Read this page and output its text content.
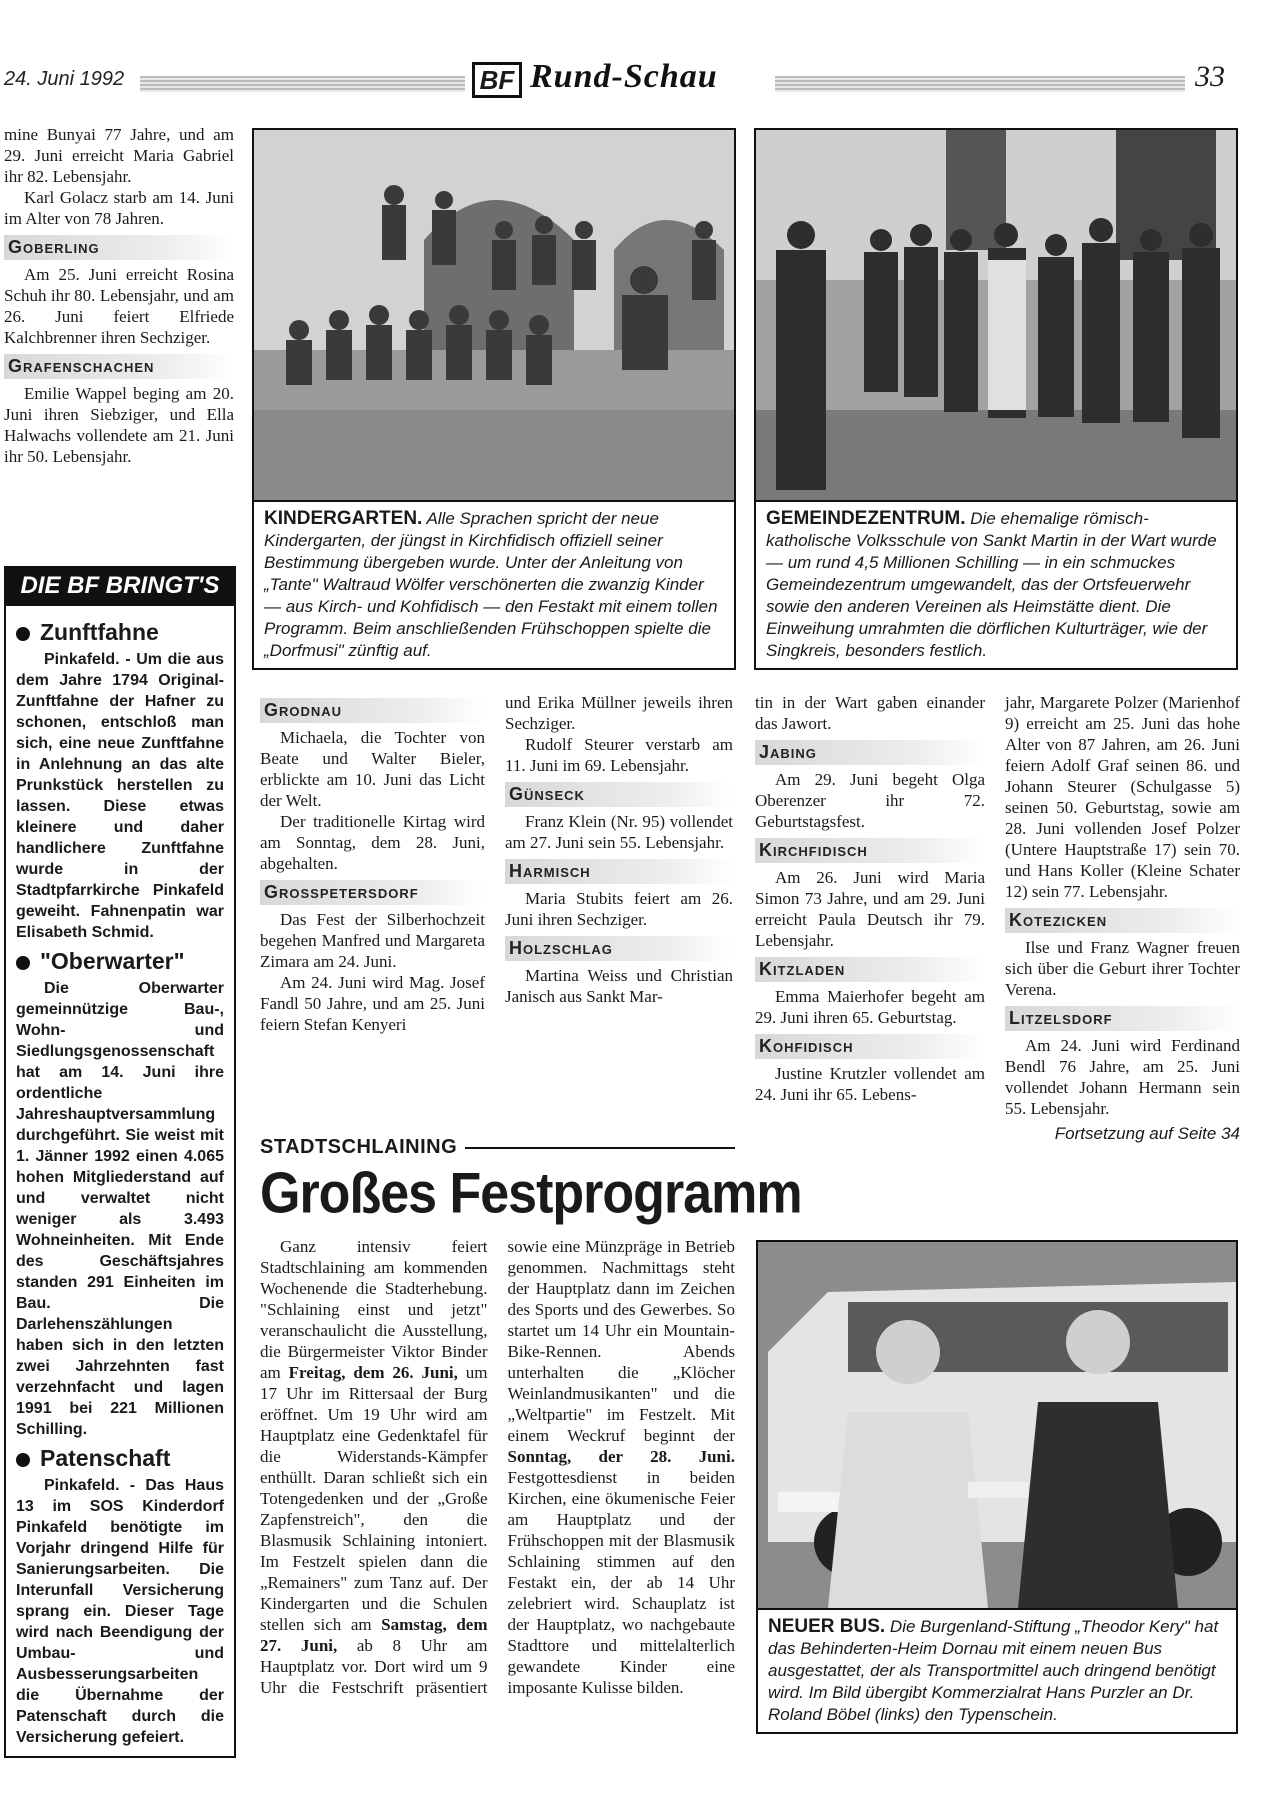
24. Juni 1992	BF Rund-Schau	33

mine Bunyai 77 Jahre, und am 29. Juni erreicht Maria Gabriel ihr 82. Lebensjahr.

Karl Golacz starb am 14. Juni im Alter von 78 Jahren.

Goberling

Am 25. Juni erreicht Rosina Schuh ihr 80. Lebensjahr, und am 26. Juni feiert Elfriede Kalchbrenner ihren Sechziger.

Grafenschachen

Emilie Wappel beging am 20. Juni ihren Siebziger, und Ella Halwachs vollendete am 21. Juni ihr 50. Lebensjahr.

DIE BF BRINGT'S
Zunftfahne

Pinkafeld. - Um die aus dem Jahre 1794 Original-Zunftfahne der Hafner zu schonen, entschloß man sich, eine neue Zunftfahne in Anlehnung an das alte Prunkstück herstellen zu lassen. Diese etwas kleinere und daher handlichere Zunftfahne wurde in der Stadtpfarrkirche Pinkafeld geweiht. Fahnenpatin war Elisabeth Schmid.

"Oberwarter"

Die Oberwarter gemeinnützige Bau-, Wohn- und Siedlungsgenossenschaft hat am 14. Juni ihre ordentliche Jahreshauptversammlung durchgeführt. Sie weist mit 1. Jänner 1992 einen 4.065 hohen Mitgliederstand auf und verwaltet nicht weniger als 3.493 Wohneinheiten. Mit Ende des Geschäftsjahres standen 291 Einheiten im Bau. Die Darlehenszählungen haben sich in den letzten zwei Jahrzehnten fast verzehnfacht und lagen 1991 bei 221 Millionen Schilling.

Patenschaft

Pinkafeld. - Das Haus 13 im SOS Kinderdorf Pinkafeld benötigte im Vorjahr dringend Hilfe für Sanierungsarbeiten. Die Interunfall Versicherung sprang ein. Dieser Tage wird nach Beendigung der Umbau- und Ausbesserungsarbeiten die Übernahme der Patenschaft durch die Versicherung gefeiert.

KINDERGARTEN. Alle Sprachen spricht der neue Kindergarten, der jüngst in Kirchfidisch offiziell seiner Bestimmung übergeben wurde. Unter der Anleitung von „Tante" Waltraud Wölfer verschönerten die zwanzig Kinder — aus Kirch- und Kohfidisch — den Festakt mit einem tollen Programm. Beim anschließenden Frühschoppen spielte die „Dorfmusi" zünftig auf.
GEMEINDEZENTRUM. Die ehemalige römisch-katholische Volksschule von Sankt Martin in der Wart wurde — um rund 4,5 Millionen Schilling — in ein schmuckes Gemeindezentrum umgewandelt, das der Ortsfeuerwehr sowie den anderen Vereinen als Heimstätte dient. Die Einweihung umrahmten die dörflichen Kulturträger, wie der Singkreis, besonders festlich.
Grodnau

Michaela, die Tochter von Beate und Walter Bieler, erblickte am 10. Juni das Licht der Welt.

Der traditionelle Kirtag wird am Sonntag, dem 28. Juni, abgehalten.

Grosspetersdorf

Das Fest der Silberhochzeit begehen Manfred und Margareta Zimara am 24. Juni.

Am 24. Juni wird Mag. Josef Fandl 50 Jahre, und am 25. Juni feiern Stefan Kenyeri

und Erika Müllner jeweils ihren Sechziger.

Rudolf Steurer verstarb am 11. Juni im 69. Lebensjahr.

Günseck

Franz Klein (Nr. 95) vollendet am 27. Juni sein 55. Lebensjahr.

Harmisch

Maria Stubits feiert am 26. Juni ihren Sechziger.

Holzschlag

Martina Weiss und Christian Janisch aus Sankt Mar-

tin in der Wart gaben einander das Jawort.

Jabing

Am 29. Juni begeht Olga Oberenzer ihr 72. Geburtstagsfest.

Kirchfidisch

Am 26. Juni wird Maria Simon 73 Jahre, und am 29. Juni erreicht Paula Deutsch ihr 79. Lebensjahr.

Kitzladen

Emma Maierhofer begeht am 29. Juni ihren 65. Geburtstag.

Kohfidisch

Justine Krutzler vollendet am 24. Juni ihr 65. Lebens-

jahr, Margarete Polzer (Marienhof 9) erreicht am 25. Juni das hohe Alter von 87 Jahren, am 26. Juni feiern Adolf Graf seinen 86. und Johann Steurer (Schulgasse 5) seinen 50. Geburtstag, sowie am 28. Juni vollenden Josef Polzer (Untere Hauptstraße 17) sein 70. und Hans Koller (Kleine Schater 12) sein 77. Lebensjahr.

Kotezicken

Ilse und Franz Wagner freuen sich über die Geburt ihrer Tochter Verena.

Litzelsdorf

Am 24. Juni wird Ferdinand Bendl 76 Jahre, am 25. Juni vollendet Johann Hermann sein 55. Lebensjahr.

Fortsetzung auf Seite 34
STADTSCHLAINING
Großes Festprogramm

Ganz intensiv feiert Stadtschlaining am kommenden Wochenende die Stadterhebung. "Schlaining einst und jetzt" veranschaulicht die Ausstellung, die Bürgermeister Viktor Binder am Freitag, dem 26. Juni, um 17 Uhr im Rittersaal der Burg eröffnet. Um 19 Uhr wird am Hauptplatz eine Gedenktafel für die Widerstands-Kämpfer enthüllt. Daran schließt sich ein Totengedenken und der „Große Zapfenstreich", den die Blasmusik Schlaining intoniert. Im Festzelt spielen dann die „Remainers" zum Tanz auf. Der Kindergarten und die Schulen stellen sich am Samstag, dem 27. Juni, ab 8 Uhr am Hauptplatz vor. Dort wird um 9 Uhr die Festschrift präsentiert sowie eine Münzpräge in Betrieb genommen. Nachmittags steht der Hauptplatz dann im Zeichen des Sports und des Gewerbes. So startet um 14 Uhr ein Mountain-Bike-Rennen. Abends unterhalten die „Klöcher Weinlandmusikanten" und die „Weltpartie" im Festzelt. Mit einem Weckruf beginnt der Sonntag, der 28. Juni. Festgottesdienst in beiden Kirchen, eine ökumenische Feier am Hauptplatz und der Frühschoppen mit der Blasmusik Schlaining stimmen auf den Festakt ein, der ab 14 Uhr zelebriert wird. Schauplatz ist der Hauptplatz, wo nachgebaute Stadttore und mittelalterlich gewandete Kinder eine imposante Kulisse bilden.

NEUER BUS. Die Burgenland-Stiftung „Theodor Kery" hat das Behinderten-Heim Dornau mit einem neuen Bus ausgestattet, der als Transportmittel auch dringend benötigt wird. Im Bild übergibt Kommerzialrat Hans Purzler an Dr. Roland Böbel (links) den Typenschein.
